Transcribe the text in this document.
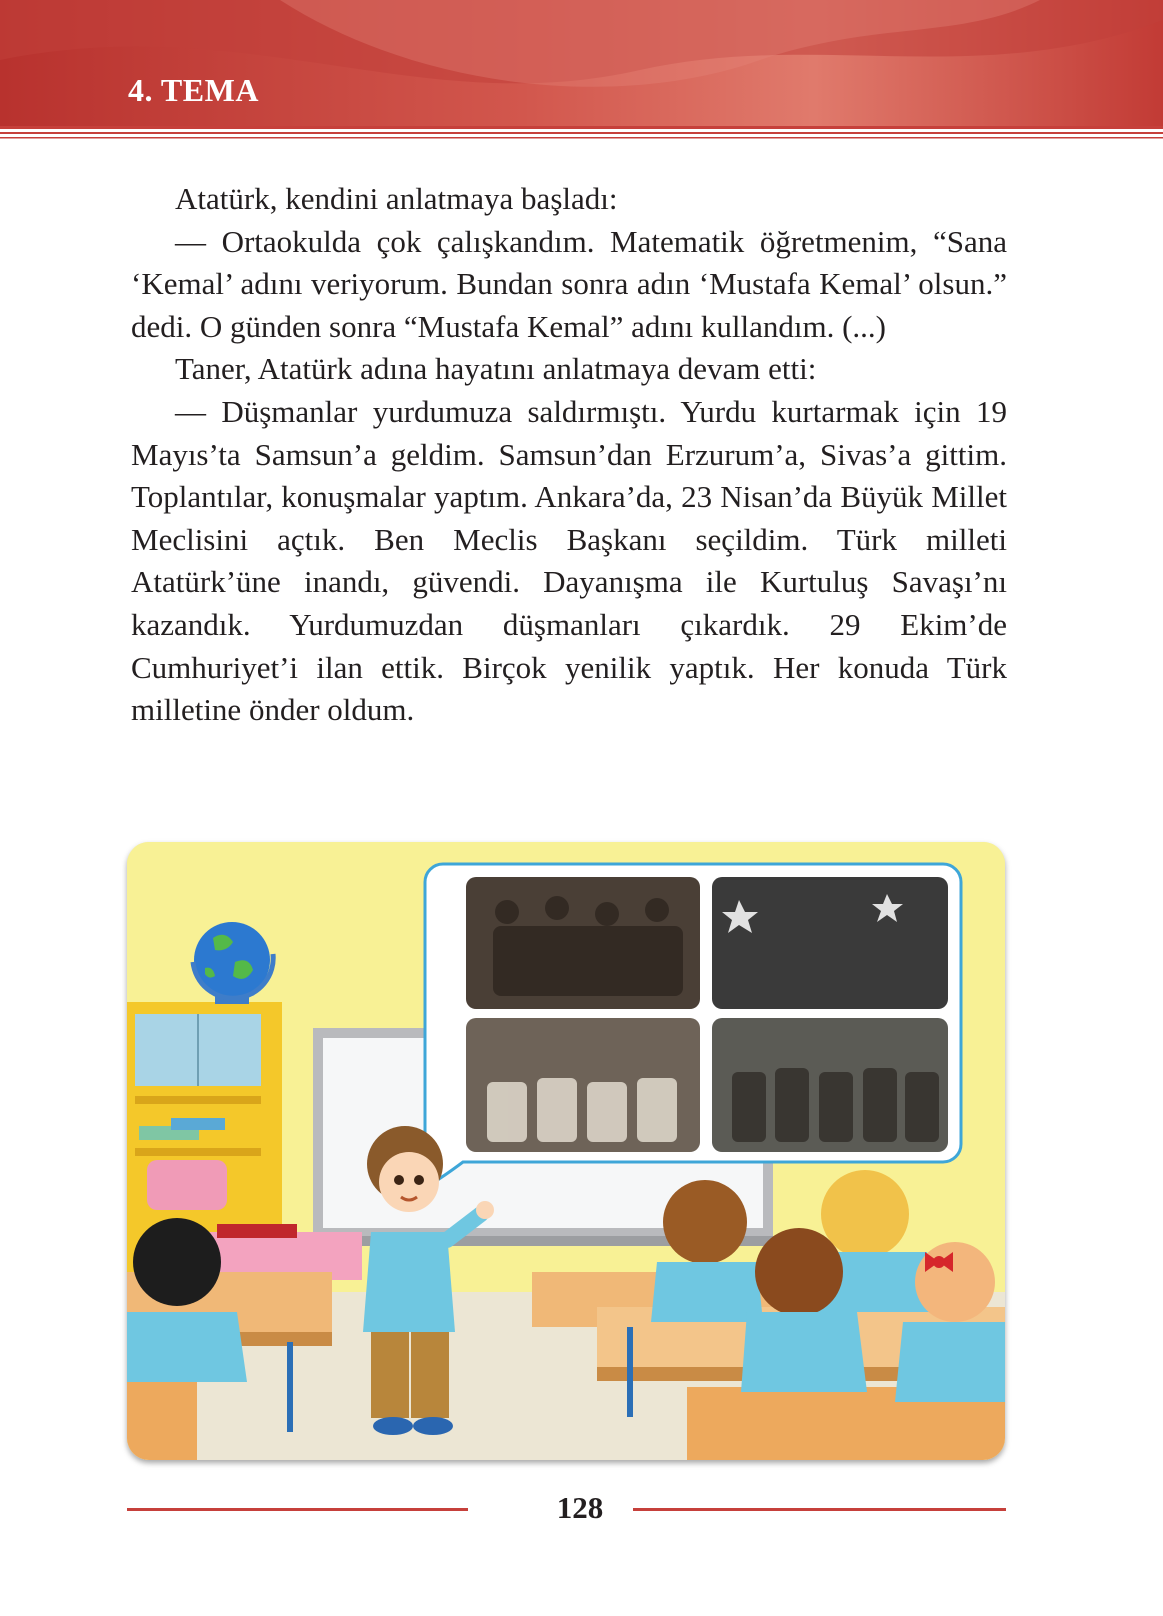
4. TEMA

Atatürk, kendini anlatmaya başladı:

— Ortaokulda çok çalışkandım. Matematik öğretmenim, “Sana ‘Kemal’ adını veriyorum. Bundan sonra adın ‘Mustafa Kemal’ olsun.” dedi. O günden sonra “Mustafa Kemal” adını kullandım. (...)

Taner, Atatürk adına hayatını anlatmaya devam etti:

— Düşmanlar yurdumuza saldırmıştı. Yurdu kurtarmak için 19 Mayıs’ta Samsun’a geldim. Samsun’dan Erzurum’a, Sivas’a gittim. Toplantılar, konuşmalar yaptım. Ankara’da, 23 Nisan’da Büyük Millet Meclisini açtık. Ben Meclis Başkanı seçildim. Türk milleti Atatürk’üne inandı, güvendi. Dayanışma ile Kurtuluş Savaşı’nı kazandık. Yurdumuzdan düşmanları çıkardık. 29 Ekim’de Cumhuriyet’i ilan ettik. Birçok yenilik yaptık. Her konuda Türk milletine önder oldum.

128
